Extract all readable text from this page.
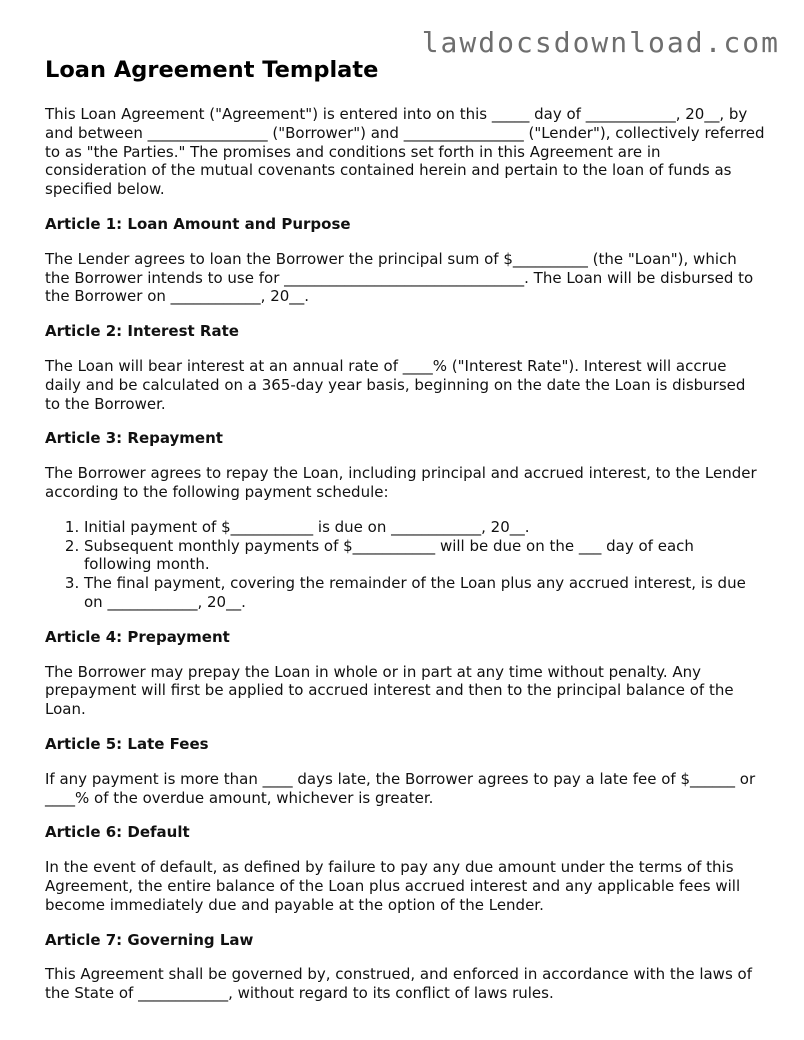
lawdocsdownload.com
Loan Agreement Template

This Loan Agreement ("Agreement") is entered into on this _____ day of ____________, 20__, by and between ________________ ("Borrower") and ________________ ("Lender"), collectively referred to as "the Parties." The promises and conditions set forth in this Agreement are in consideration of the mutual covenants contained herein and pertain to the loan of funds as specified below.

Article 1: Loan Amount and Purpose

The Lender agrees to loan the Borrower the principal sum of $__________ (the "Loan"), which the Borrower intends to use for ________________________________. The Loan will be disbursed to the Borrower on ____________, 20__.

Article 2: Interest Rate

The Loan will bear interest at an annual rate of ____% ("Interest Rate"). Interest will accrue daily and be calculated on a 365-day year basis, beginning on the date the Loan is disbursed to the Borrower.

Article 3: Repayment

The Borrower agrees to repay the Loan, including principal and accrued interest, to the Lender according to the following payment schedule:

1. Initial payment of $___________ is due on ____________, 20__.
2. Subsequent monthly payments of $___________ will be due on the ___ day of each following month.
3. The final payment, covering the remainder of the Loan plus any accrued interest, is due on ____________, 20__.
Article 4: Prepayment

The Borrower may prepay the Loan in whole or in part at any time without penalty. Any prepayment will first be applied to accrued interest and then to the principal balance of the Loan.

Article 5: Late Fees

If any payment is more than ____ days late, the Borrower agrees to pay a late fee of $______ or ____% of the overdue amount, whichever is greater.

Article 6: Default

In the event of default, as defined by failure to pay any due amount under the terms of this Agreement, the entire balance of the Loan plus accrued interest and any applicable fees will become immediately due and payable at the option of the Lender.

Article 7: Governing Law

This Agreement shall be governed by, construed, and enforced in accordance with the laws of the State of ____________, without regard to its conflict of laws rules.
